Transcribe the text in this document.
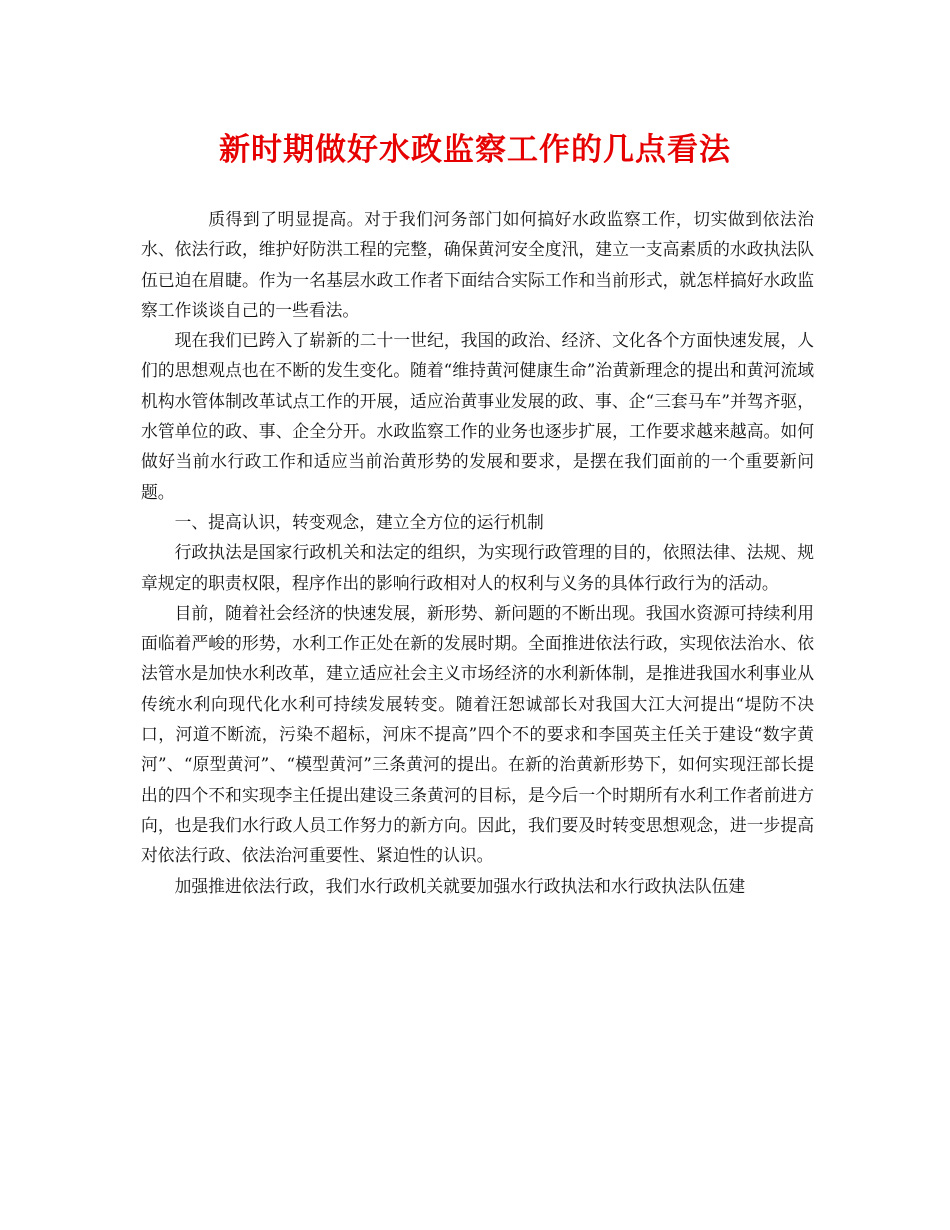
新时期做好水政监察工作的几点看法

质得到了明显提高。对于我们河务部门如何搞好水政监察工作，切实做到依法治水、依法行政，维护好防洪工程的完整，确保黄河安全度汛，建立一支高素质的水政执法队伍已迫在眉睫。作为一名基层水政工作者下面结合实际工作和当前形式，就怎样搞好水政监察工作谈谈自己的一些看法。

现在我们已跨入了崭新的二十一世纪，我国的政治、经济、文化各个方面快速发展，人们的思想观点也在不断的发生变化。随着“维持黄河健康生命”治黄新理念的提出和黄河流域机构水管体制改革试点工作的开展，适应治黄事业发展的政、事、企“三套马车”并驾齐驱，水管单位的政、事、企全分开。水政监察工作的业务也逐步扩展，工作要求越来越高。如何做好当前水行政工作和适应当前治黄形势的发展和要求，是摆在我们面前的一个重要新问题。

一、提高认识，转变观念，建立全方位的运行机制

行政执法是国家行政机关和法定的组织，为实现行政管理的目的，依照法律、法规、规章规定的职责权限，程序作出的影响行政相对人的权利与义务的具体行政行为的活动。

目前，随着社会经济的快速发展，新形势、新问题的不断出现。我国水资源可持续利用面临着严峻的形势，水利工作正处在新的发展时期。全面推进依法行政，实现依法治水、依法管水是加快水利改革，建立适应社会主义市场经济的水利新体制，是推进我国水利事业从传统水利向现代化水利可持续发展转变。随着汪恕诚部长对我国大江大河提出“堤防不决口，河道不断流，污染不超标，河床不提高”四个不的要求和李国英主任关于建设“数字黄河”、“原型黄河”、“模型黄河”三条黄河的提出。在新的治黄新形势下，如何实现汪部长提出的四个不和实现李主任提出建设三条黄河的目标，是今后一个时期所有水利工作者前进方向，也是我们水行政人员工作努力的新方向。因此，我们要及时转变思想观念，进一步提高对依法行政、依法治河重要性、紧迫性的认识。

加强推进依法行政，我们水行政机关就要加强水行政执法和水行政执法队伍建
